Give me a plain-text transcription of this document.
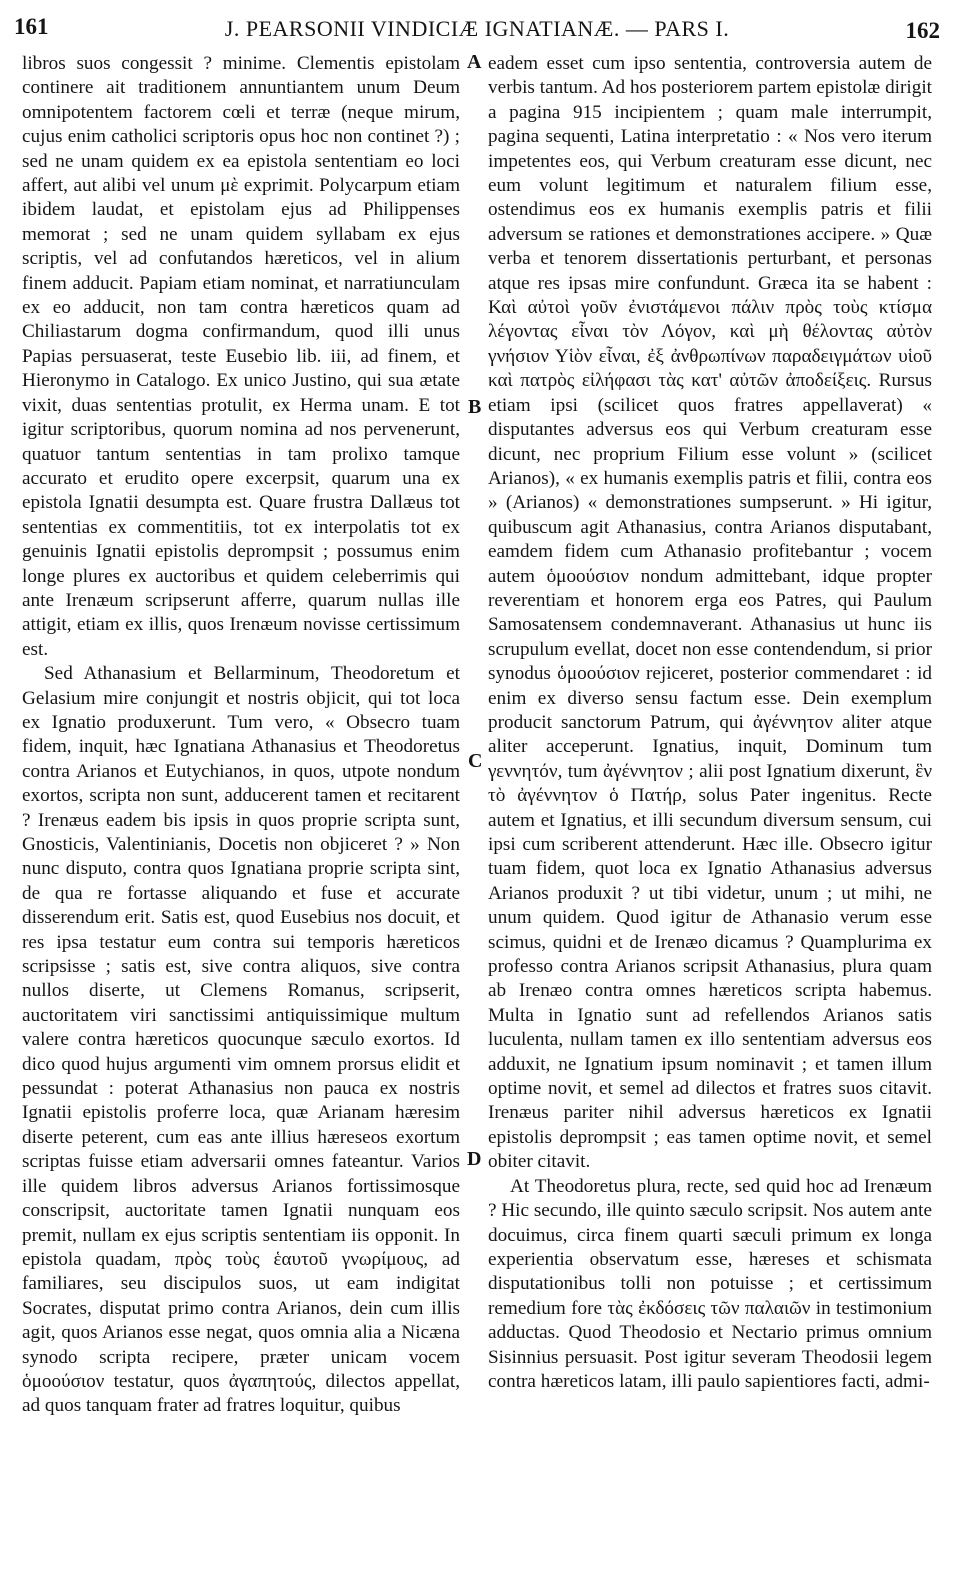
161	J. PEARSONII VINDICIÆ IGNATIANÆ. — PARS I.	162

libros suos congessit ? minime. Clementis epistolam continere ait traditionem annuntiantem unum Deum omnipotentem factorem cœli et terræ (neque mirum, cujus enim catholici scriptoris opus hoc non continet ?) ; sed ne unam quidem ex ea epistola sententiam eo loci affert, aut alibi vel unum μὲ exprimit. Polycarpum etiam ibidem laudat, et epistolam ejus ad Philippenses memorat ; sed ne unam quidem syllabam ex ejus scriptis, vel ad confutandos hæreticos, vel in alium finem adducit. Papiam etiam nominat, et narratiunculam ex eo adducit, non tam contra hæreticos quam ad Chiliastarum dogma confirmandum, quod illi unus Papias persuaserat, teste Eusebio lib. iii, ad finem, et Hieronymo in Catalogo. Ex unico Justino, qui sua ætate vixit, duas sententias protulit, ex Herma unam. E tot igitur scriptoribus, quorum nomina ad nos pervenerunt, quatuor tantum sententias in tam prolixo tamque accurato et erudito opere excerpsit, quarum una ex epistola Ignatii desumpta est. Quare frustra Dallæus tot sententias ex commentitiis, tot ex interpolatis tot ex genuinis Ignatii epistolis deprompsit ; possumus enim longe plures ex auctoribus et quidem celeberrimis qui ante Irenæum scripserunt afferre, quarum nullas ille attigit, etiam ex illis, quos Irenæum novisse certissimum est.

Sed Athanasium et Bellarminum, Theodoretum et Gelasium mire conjungit et nostris objicit, qui tot loca ex Ignatio produxerunt. Tum vero, « Obsecro tuam fidem, inquit, hæc Ignatiana Athanasius et Theodoretus contra Arianos et Eutychianos, in quos, utpote nondum exortos, scripta non sunt, adducerent tamen et recitarent ? Irenæus eadem bis ipsis in quos proprie scripta sunt, Gnosticis, Valentinianis, Docetis non objiceret ? » Non nunc disputo, contra quos Ignatiana proprie scripta sint, de qua re fortasse aliquando et fuse et accurate disserendum erit. Satis est, quod Eusebius nos docuit, et res ipsa testatur eum contra sui temporis hæreticos scripsisse ; satis est, sive contra aliquos, sive contra nullos diserte, ut Clemens Romanus, scripserit, auctoritatem viri sanctissimi antiquissimique multum valere contra hæreticos quocunque sæculo exortos. Id dico quod hujus argumenti vim omnem prorsus elidit et pessundat : poterat Athanasius non pauca ex nostris Ignatii epistolis proferre loca, quæ Arianam hæresim diserte peterent, cum eas ante illius hæreseos exortum scriptas fuisse etiam adversarii omnes fateantur. Varios ille quidem libros adversus Arianos fortissimosque conscripsit, auctoritate tamen Ignatii nunquam eos premit, nullam ex ejus scriptis sententiam iis opponit. In epistola quadam, πρὸς τοὺς ἑαυτοῦ γνωρίμους, ad familiares, seu discipulos suos, ut eam indigitat Socrates, disputat primo contra Arianos, dein cum illis agit, quos Arianos esse negat, quos omnia alia a Nicæna synodo scripta recipere, præter unicam vocem ὁμοούσιον testatur, quos ἀγαπητούς, dilectos appellat, ad quos tanquam frater ad fratres loquitur, quibus

A
B
C
D

eadem esset cum ipso sententia, controversia autem de verbis tantum. Ad hos posteriorem partem epistolæ dirigit a pagina 915 incipientem ; quam male interrumpit, pagina sequenti, Latina interpretatio : « Nos vero iterum impetentes eos, qui Verbum creaturam esse dicunt, nec eum volunt legitimum et naturalem filium esse, ostendimus eos ex humanis exemplis patris et filii adversum se rationes et demonstrationes accipere. » Quæ verba et tenorem dissertationis perturbant, et personas atque res ipsas mire confundunt. Græca ita se habent : Καὶ αὐτοὶ γοῦν ἐνιστάμενοι πάλιν πρὸς τοὺς κτίσμα λέγοντας εἶναι τὸν Λόγον, καὶ μὴ θέλοντας αὐτὸν γνήσιον Υἱὸν εἶναι, ἐξ ἀνθρωπίνων παραδειγμάτων υἱοῦ καὶ πατρὸς εἰλήφασι τὰς κατ' αὐτῶν ἀποδείξεις. Rursus etiam ipsi (scilicet quos fratres appellaverat) « disputantes adversus eos qui Verbum creaturam esse dicunt, nec proprium Filium esse volunt » (scilicet Arianos), « ex humanis exemplis patris et filii, contra eos » (Arianos) « demonstrationes sumpserunt. » Hi igitur, quibuscum agit Athanasius, contra Arianos disputabant, eamdem fidem cum Athanasio profitebantur ; vocem autem ὁμοούσιον nondum admittebant, idque propter reverentiam et honorem erga eos Patres, qui Paulum Samosatensem condemnaverant. Athanasius ut hunc iis scrupulum evellat, docet non esse contendendum, si prior synodus ὁμοούσιον rejiceret, posterior commendaret : id enim ex diverso sensu factum esse. Dein exemplum producit sanctorum Patrum, qui ἀγέννητον aliter atque aliter acceperunt. Ignatius, inquit, Dominum tum γεννητόν, tum ἀγέννητον ; alii post Ignatium dixerunt, ἓν τὸ ἀγέννητον ὁ Πατήρ, solus Pater ingenitus. Recte autem et Ignatius, et illi secundum diversum sensum, cui ipsi cum scriberent attenderunt. Hæc ille. Obsecro igitur tuam fidem, quot loca ex Ignatio Athanasius adversus Arianos produxit ? ut tibi videtur, unum ; ut mihi, ne unum quidem. Quod igitur de Athanasio verum esse scimus, quidni et de Irenæo dicamus ? Quamplurima ex professo contra Arianos scripsit Athanasius, plura quam ab Irenæo contra omnes hæreticos scripta habemus. Multa in Ignatio sunt ad refellendos Arianos satis luculenta, nullam tamen ex illo sententiam adversus eos adduxit, ne Ignatium ipsum nominavit ; et tamen illum optime novit, et semel ad dilectos et fratres suos citavit. Irenæus pariter nihil adversus hæreticos ex Ignatii epistolis deprompsit ; eas tamen optime novit, et semel obiter citavit.

At Theodoretus plura, recte, sed quid hoc ad Irenæum ? Hic secundo, ille quinto sæculo scripsit. Nos autem ante docuimus, circa finem quarti sæculi primum ex longa experientia observatum esse, hæreses et schismata disputationibus tolli non potuisse ; et certissimum remedium fore τὰς ἐκδόσεις τῶν παλαιῶν in testimonium adductas. Quod Theodosio et Nectario primus omnium Sisinnius persuasit. Post igitur severam Theodosii legem contra hæreticos latam, illi paulo sapientiores facti, admi-
